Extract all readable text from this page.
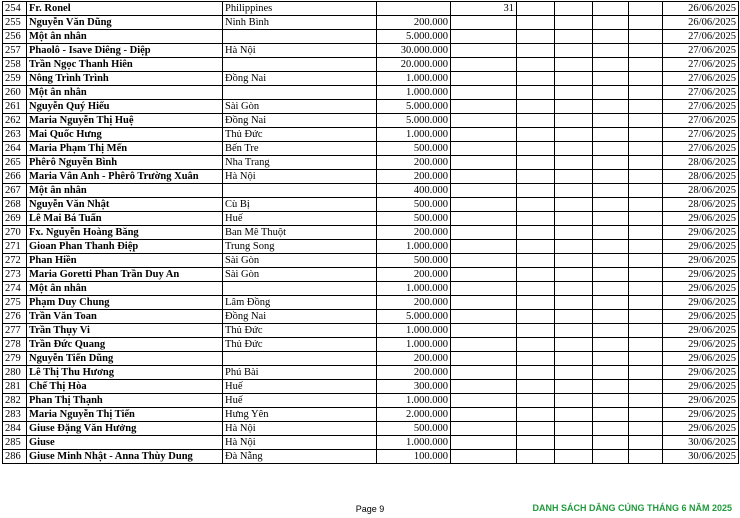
254	Fr. Ronel	Philippines		31					26/06/2025
255	Nguyễn Văn Dũng	Ninh Bình	200.000						26/06/2025
256	Một ân nhân		5.000.000						27/06/2025
257	Phaolô - Isave Diêng - Diệp	Hà Nội	30.000.000						27/06/2025
258	Trần Ngọc Thanh Hiên		20.000.000						27/06/2025
259	Nông Trình Trình	Đồng Nai	1.000.000						27/06/2025
260	Một ân nhân		1.000.000						27/06/2025
261	Nguyễn Quý Hiếu	Sài Gòn	5.000.000						27/06/2025
262	Maria Nguyễn Thị Huệ	Đồng Nai	5.000.000						27/06/2025
263	Mai Quốc Hưng	Thủ Đức	1.000.000						27/06/2025
264	Maria Phạm Thị Mến	Bến Tre	500.000						27/06/2025
265	Phêrô Nguyễn Bình	Nha Trang	200.000						28/06/2025
266	Maria Vân Anh - Phêrô Trường Xuân	Hà Nội	200.000						28/06/2025
267	Một ân nhân		400.000						28/06/2025
268	Nguyễn Văn Nhật	Cù Bị	500.000						28/06/2025
269	Lê Mai Bá Tuấn	Huế	500.000						29/06/2025
270	Fx. Nguyễn Hoàng Băng	Ban Mê Thuột	200.000						29/06/2025
271	Gioan Phan Thanh Điệp	Trung Song	1.000.000						29/06/2025
272	Phan Hiền	Sài Gòn	500.000						29/06/2025
273	Maria Goretti Phan Trần Duy An	Sài Gòn	200.000						29/06/2025
274	Một ân nhân		1.000.000						29/06/2025
275	Phạm Duy Chung	Lâm Đồng	200.000						29/06/2025
276	Trần Văn Toan	Đồng Nai	5.000.000						29/06/2025
277	Trần Thụy Vi	Thủ Đức	1.000.000						29/06/2025
278	Trần Đức Quang	Thủ Đức	1.000.000						29/06/2025
279	Nguyễn Tiến Dũng		200.000						29/06/2025
280	Lê Thị Thu Hương	Phú Bài	200.000						29/06/2025
281	Chế Thị Hòa	Huế	300.000						29/06/2025
282	Phan Thị Thạnh	Huế	1.000.000						29/06/2025
283	Maria Nguyễn Thị Tiến	Hưng Yên	2.000.000						29/06/2025
284	Giuse Đặng Văn Hưởng	Hà Nội	500.000						29/06/2025
285	Giuse	Hà Nội	1.000.000						30/06/2025
286	Giuse Minh Nhật - Anna Thùy Dung	Đà Nẵng	100.000						30/06/2025
Page 9	DANH SÁCH DÂNG CÚNG THÁNG 6 NĂM 2025
